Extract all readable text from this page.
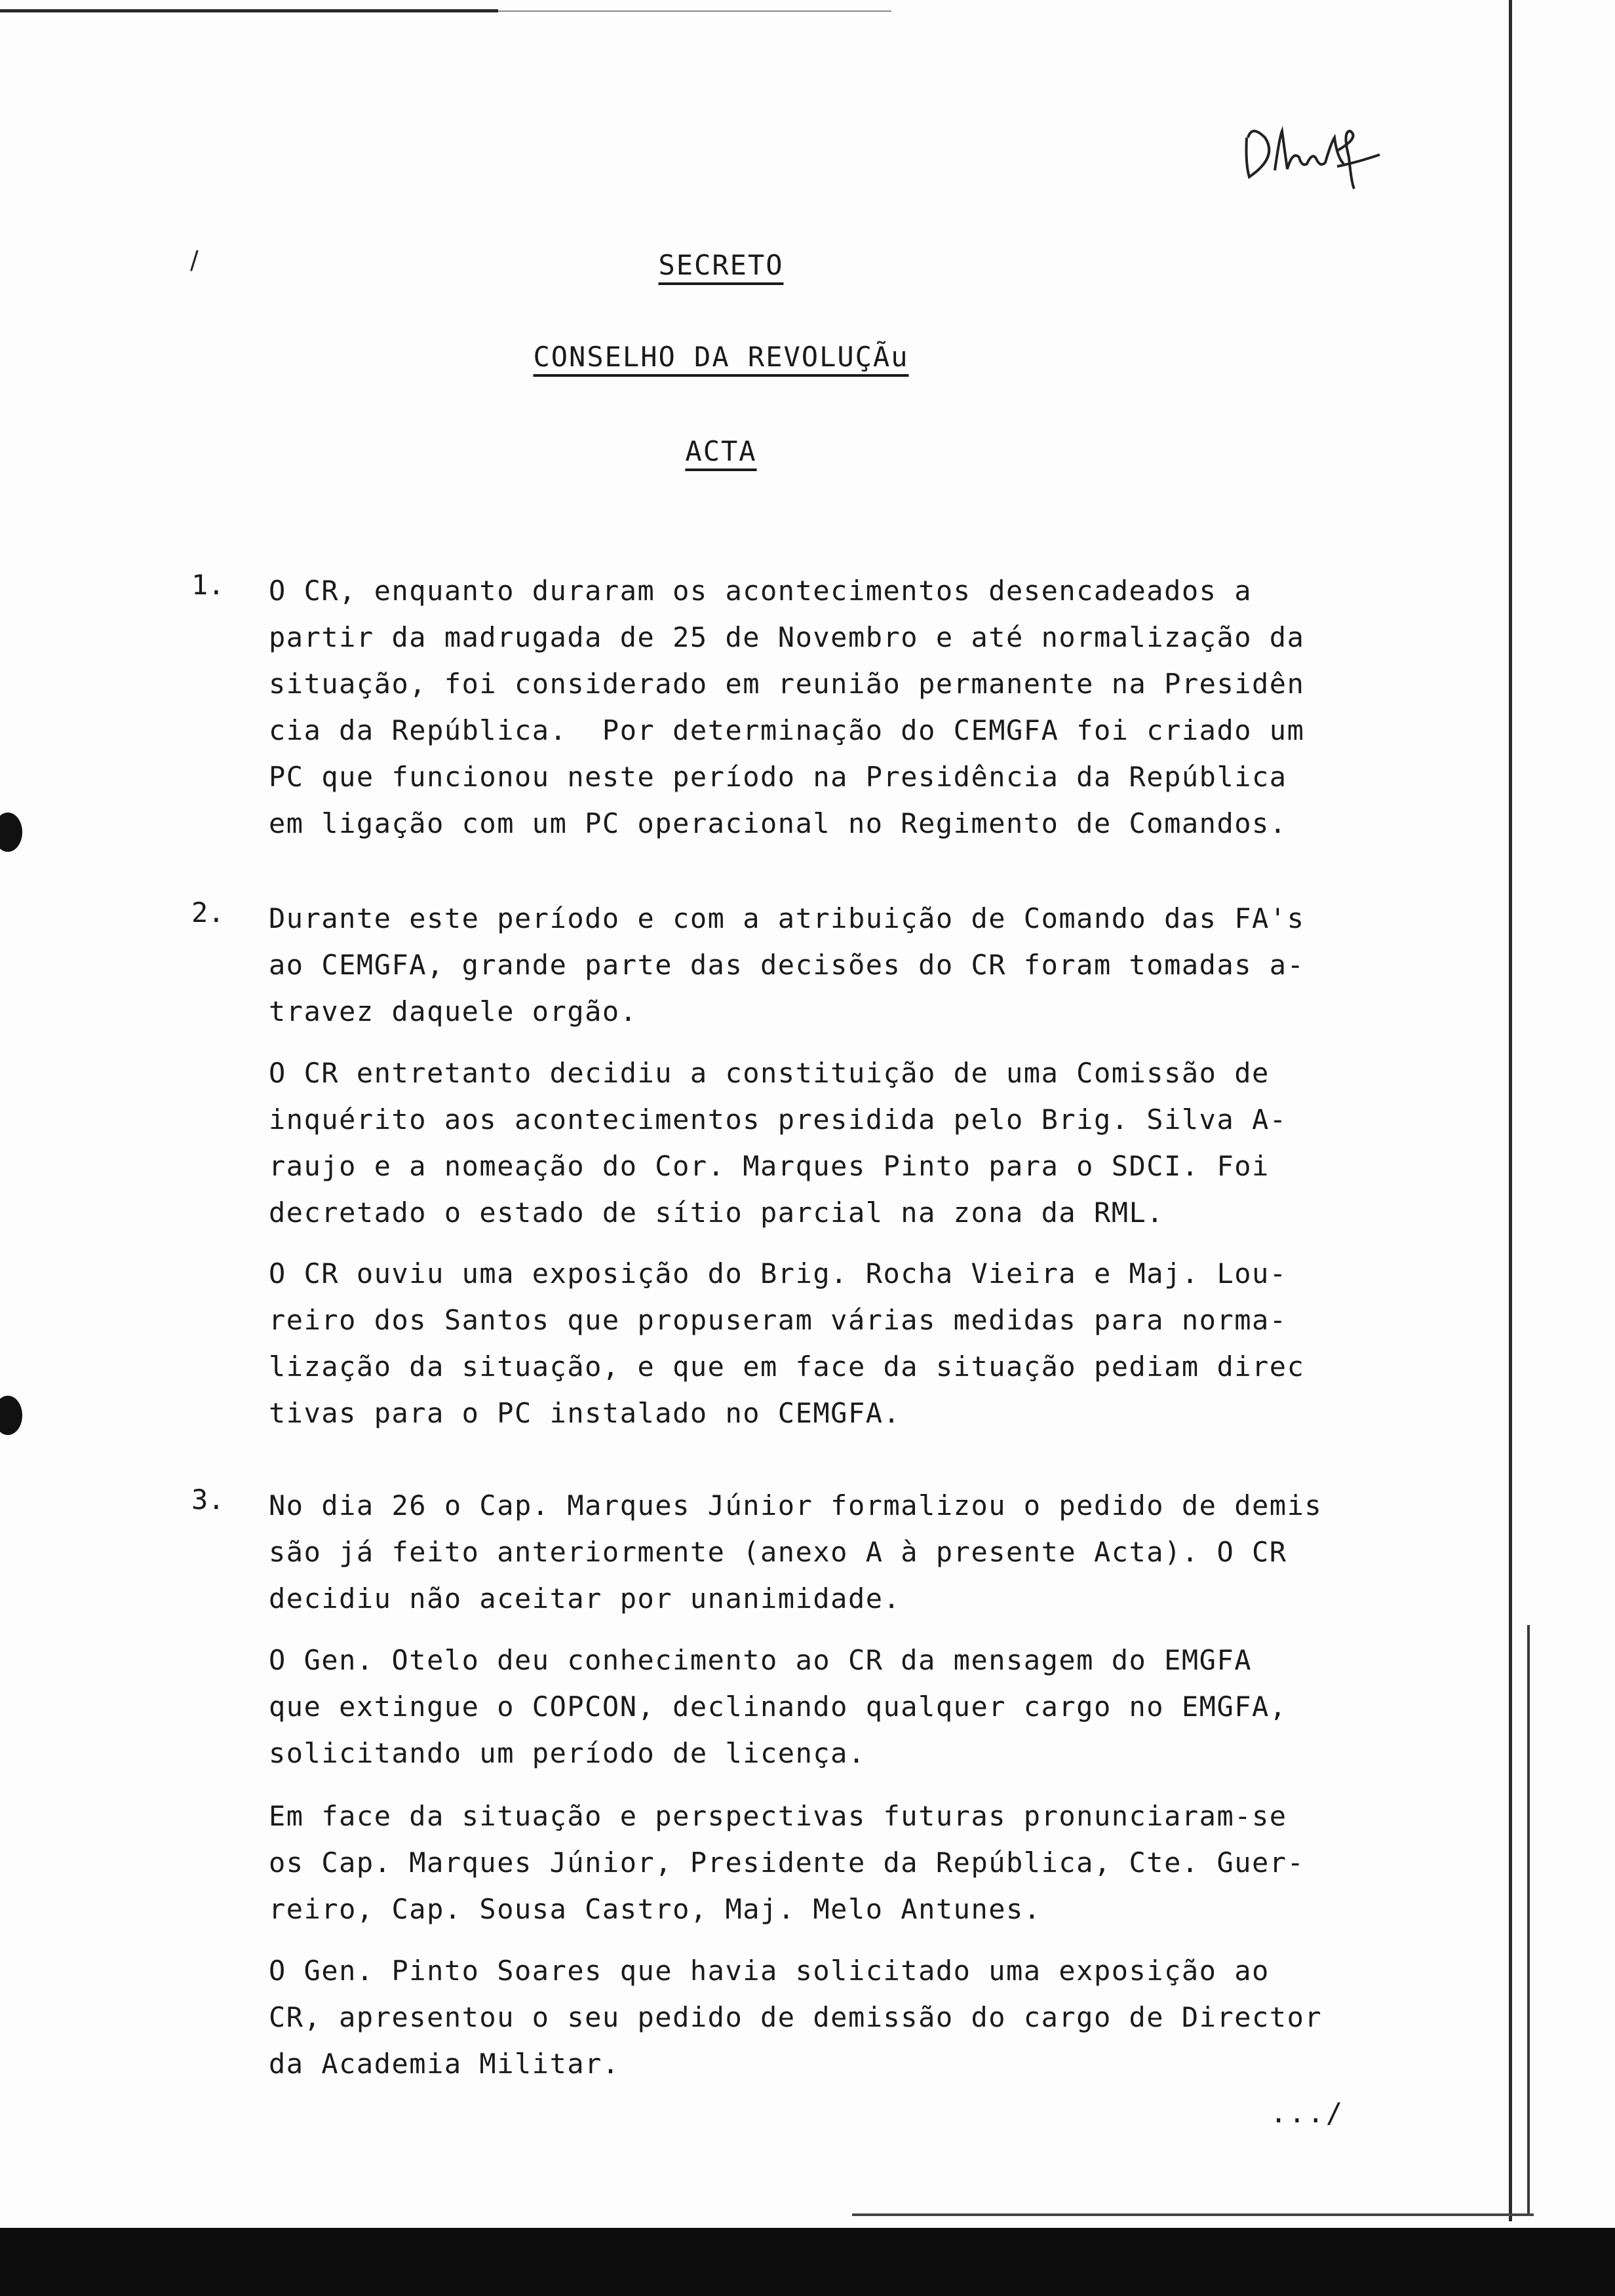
/	SECRETO
CONSELHO DA REVOLUÇÃu
ACTA
1. O CR, enquanto duraram os acontecimentos desencadeados a
partir da madrugada de 25 de Novembro e até normalização da
situação, foi considerado em reunião permanente na Presidên
cia da República.  Por determinação do CEMGFA foi criado um
PC que funcionou neste período na Presidência da República
em ligação com um PC operacional no Regimento de Comandos.

2. Durante este período e com a atribuição de Comando das FA's
ao CEMGFA, grande parte das decisões do CR foram tomadas a-
travez daquele orgão.

O CR entretanto decidiu a constituição de uma Comissão de
inquérito aos acontecimentos presidida pelo Brig. Silva A-
raujo e a nomeação do Cor. Marques Pinto para o SDCI. Foi
decretado o estado de sítio parcial na zona da RML.

O CR ouviu uma exposição do Brig. Rocha Vieira e Maj. Lou-
reiro dos Santos que propuseram várias medidas para norma-
lização da situação, e que em face da situação pediam direc
tivas para o PC instalado no CEMGFA.

3. No dia 26 o Cap. Marques Júnior formalizou o pedido de demis
são já feito anteriormente (anexo A à presente Acta). O CR
decidiu não aceitar por unanimidade.

O Gen. Otelo deu conhecimento ao CR da mensagem do EMGFA
que extingue o COPCON, declinando qualquer cargo no EMGFA,
solicitando um período de licença.

Em face da situação e perspectivas futuras pronunciaram-se
os Cap. Marques Júnior, Presidente da República, Cte. Guer-
reiro, Cap. Sousa Castro, Maj. Melo Antunes.

O Gen. Pinto Soares que havia solicitado uma exposição ao
CR, apresentou o seu pedido de demissão do cargo de Director
da Academia Militar.

.../
